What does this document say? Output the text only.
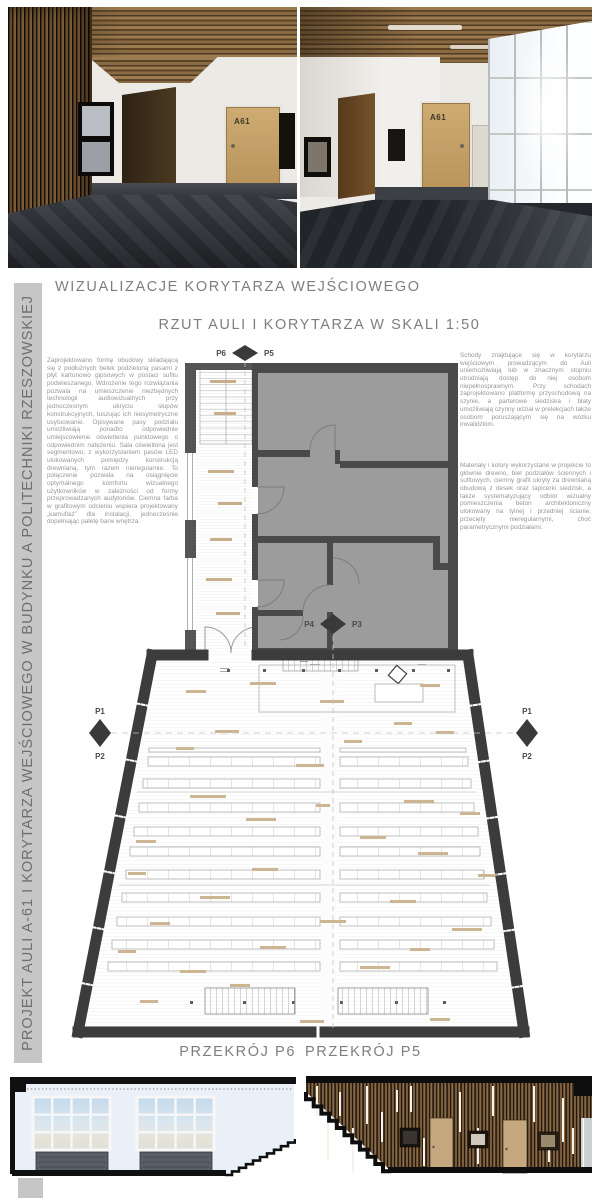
A61	A61
WIZUALIZACJE KORYTARZA WEJŚCIOWEGO
RZUT AULI I KORYTARZA W SKALI 1:50
PROJEKT AULI A-61 I KORYTARZA WEJŚCIOWEGO W BUDYNKU A POLITECHNIKI RZESZOWSKIEJ Zaprojektowano formę obudowy składającą się z podłużnych belek podzieloną pasami z płyt kartonowo gipsowych w postaci sufitu podwieszanego. Wdrożenie tego rozwiązania pozwala na umieszczenie niezbędnych technologii audiowizualnych przy jednoczesnym ukryciu słupów konstrukcyjnych, tuszując ich niesymetryczne usytuowanie. Opisywane pasy podziału umożliwiają ponadto odpowiednie umiejscowienie oświetlenia punktowego o odpowiednim natężeniu. Sala oświetlona jest segmentowo, z wykorzystaniem pasów LED ulokowanych pomiędzy konstrukcją drewnianą, tym razem nieregularnie. To połączenie pozwala na osiągnięcie optymalnego komfortu wizualnego użytkowników w zależności od formy przeprowadzanych audytoriów. Ciemna farba w grafitowym odcieniu wspiera projektowany „kamuflaż” dla instalacji, jednocześnie dopełniając paletę barw wnętrza.
Schody znajdujące się w korytarzu wejściowym prowadzącym do Auli uniemożliwiają lub w znacznym stopniu utrudniają dostęp do niej osobom niepełnosprawnym. Przy schodach zaprojektowano platformę przyschodową na szynie, a parterowe siedziska i blaty umożliwiają czynny udział w prelekcjach także osobom poruszającym się na wózku inwalidzkim.
Materiały i kolory wykorzystane w projekcie to głównie drewno, biel podziałów ściennych i sufitowych, ciemny grafit ukryty za drewnianą obudową z desek oraz tapicerki siedzisk, a także systematyzujący odbiór wizualny pomieszczenia beton architektoniczny ulokowany na tylnej i przedniej ścianie, przecięty nieregularnymi, choć parametrycznymi podziałami.
P6	P5
P4	P3
P1
P2
P1
P2
PRZEKRÓJ P6 PRZEKRÓJ P5
